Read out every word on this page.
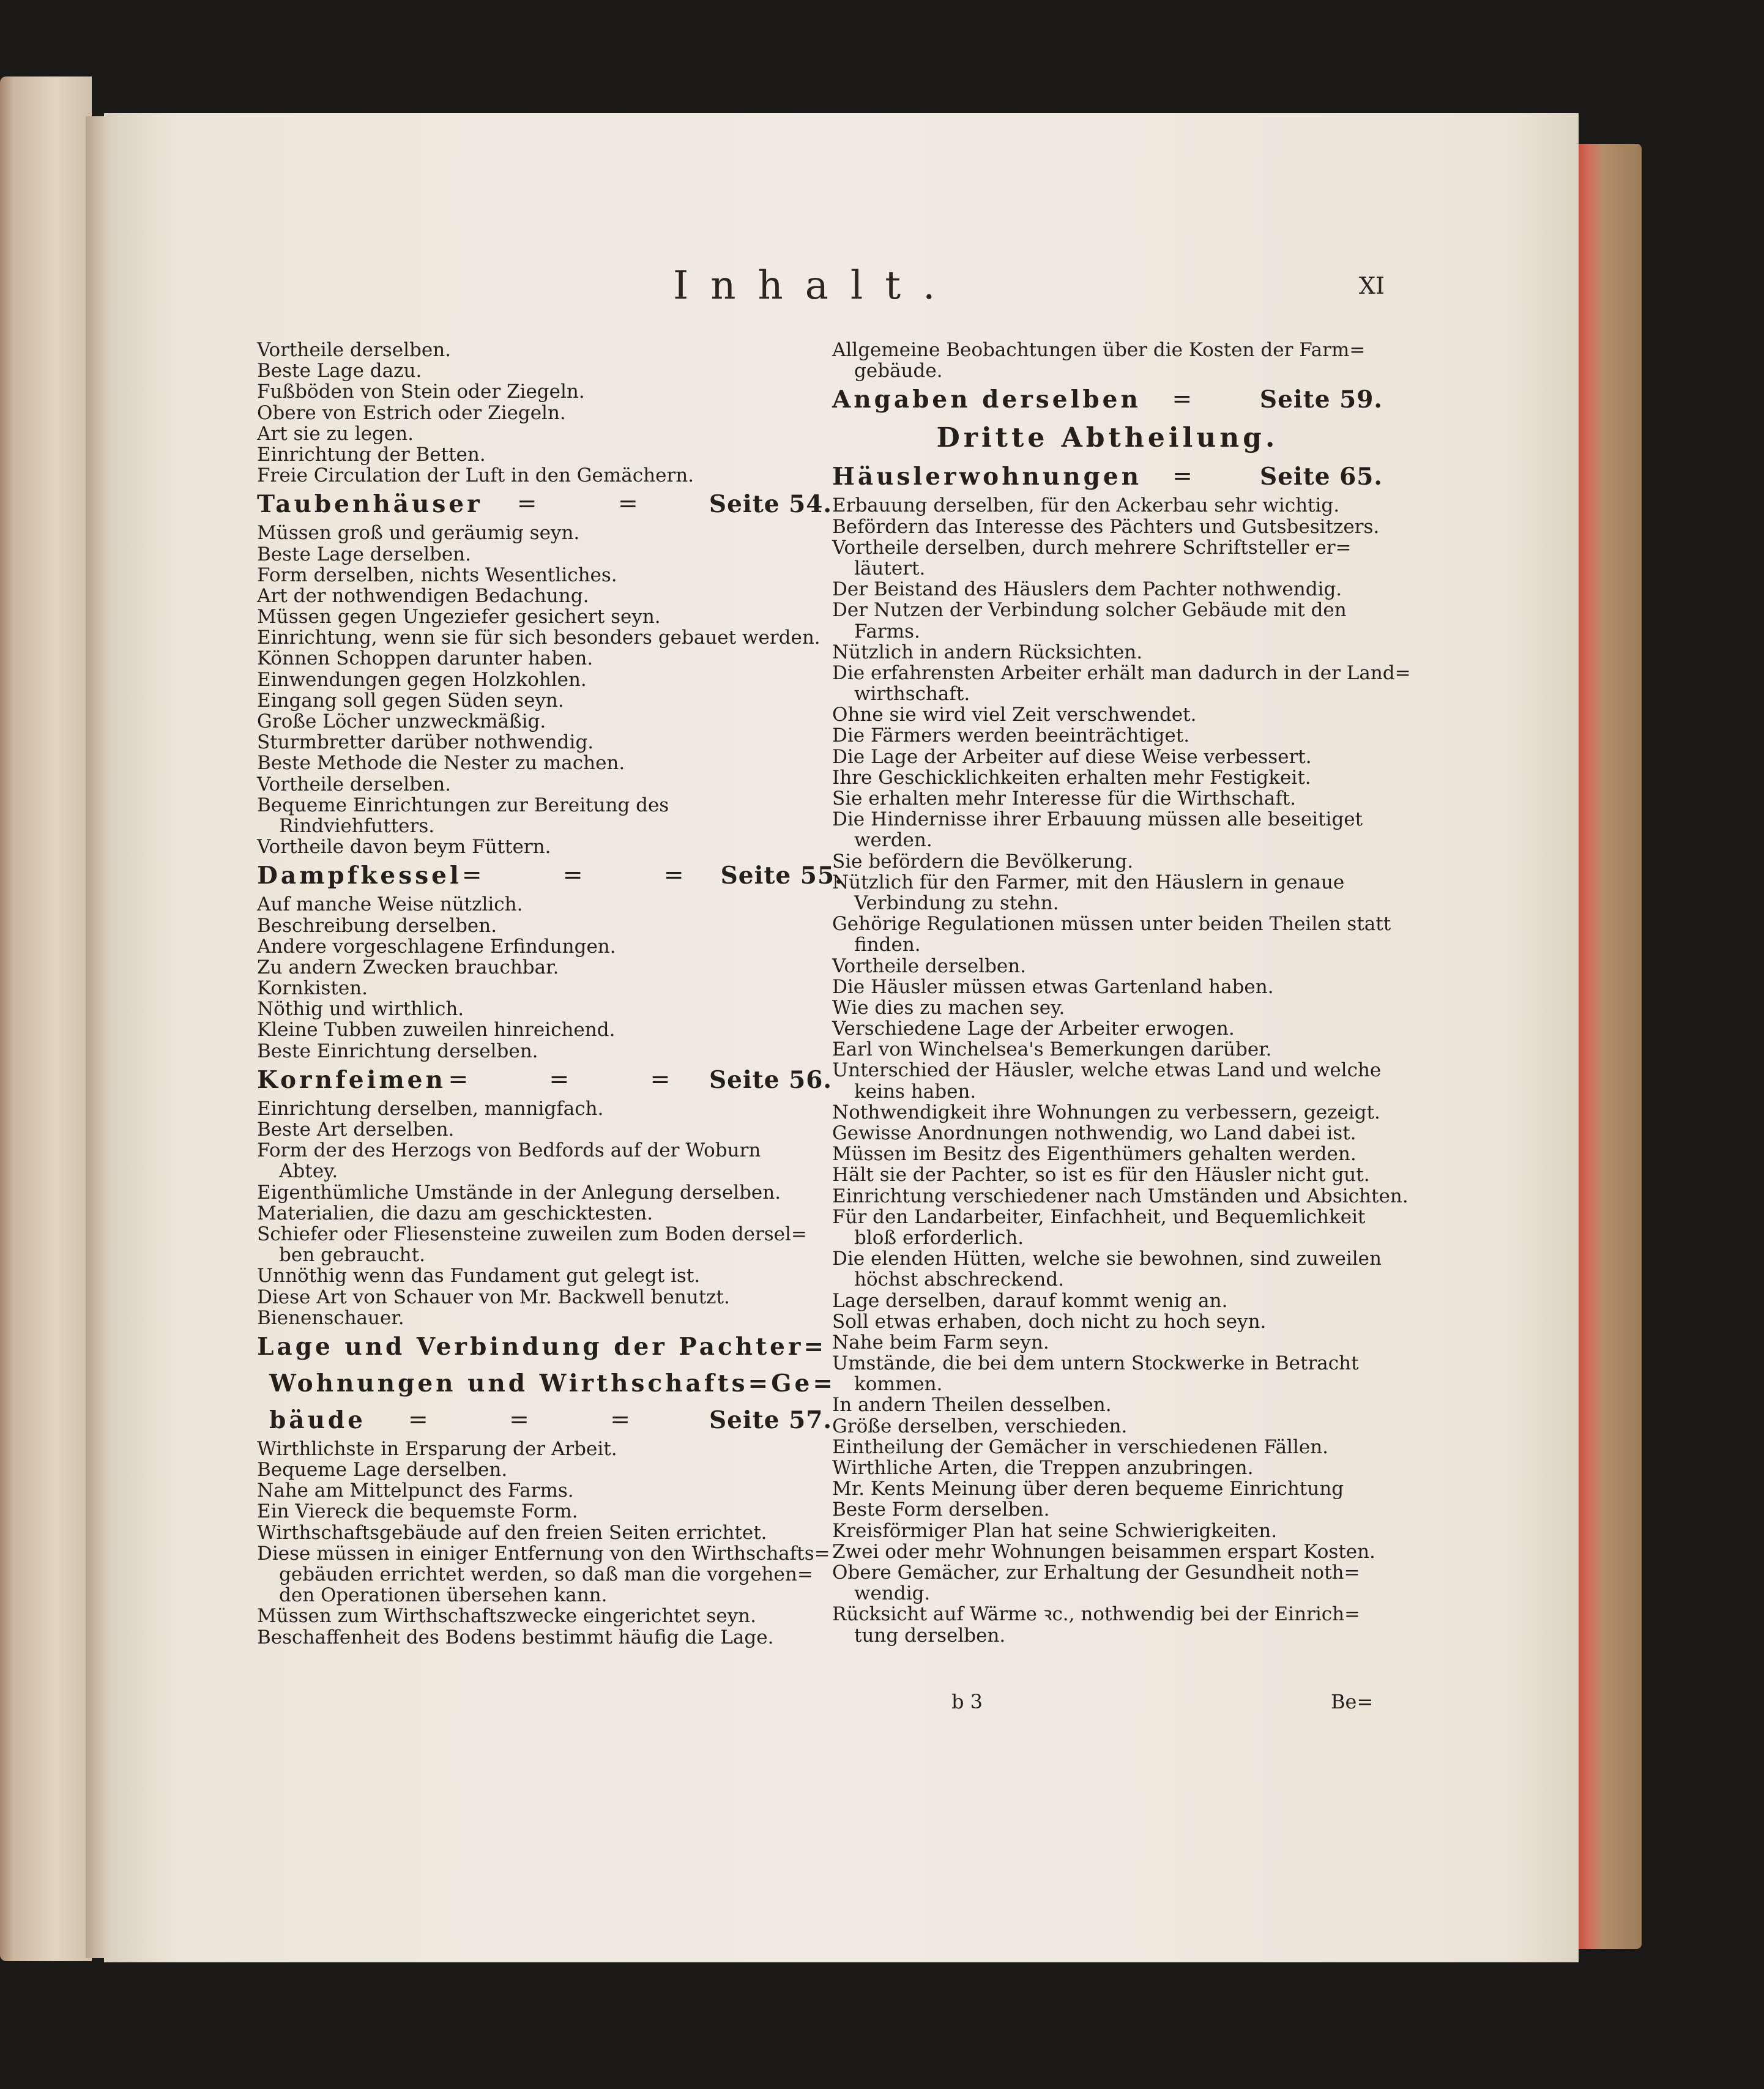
Inhalt.	XI
Vortheile derselben.
Beste Lage dazu.
Fußböden von Stein oder Ziegeln.
Obere von Estrich oder Ziegeln.
Art sie zu legen.
Einrichtung der Betten.
Freie Circulation der Luft in den Gemächern.
Taubenhäuser = = Seite 54.
Müssen groß und geräumig seyn.
Beste Lage derselben.
Form derselben, nichts Wesentliches.
Art der nothwendigen Bedachung.
Müssen gegen Ungeziefer gesichert seyn.
Einrichtung, wenn sie für sich besonders gebauet werden.
Können Schoppen darunter haben.
Einwendungen gegen Holzkohlen.
Eingang soll gegen Süden seyn.
Große Löcher unzweckmäßig.
Sturmbretter darüber nothwendig.
Beste Methode die Nester zu machen.
Vortheile derselben.
Bequeme Einrichtungen zur Bereitung des
Rindviehfutters.
Vortheile davon beym Füttern.
Dampfkessel = = = Seite 55.
Auf manche Weise nützlich.
Beschreibung derselben.
Andere vorgeschlagene Erfindungen.
Zu andern Zwecken brauchbar.
Kornkisten.
Nöthig und wirthlich.
Kleine Tubben zuweilen hinreichend.
Beste Einrichtung derselben.
Kornfeimen = = = Seite 56.
Einrichtung derselben, mannigfach.
Beste Art derselben.
Form der des Herzogs von Bedfords auf der Woburn
Abtey.
Eigenthümliche Umstände in der Anlegung derselben.
Materialien, die dazu am geschicktesten.
Schiefer oder Fliesensteine zuweilen zum Boden dersel=
ben gebraucht.
Unnöthig wenn das Fundament gut gelegt ist.
Diese Art von Schauer von Mr. Backwell benutzt.
Bienenschauer.
Lage und Verbindung der Pachter=
Wohnungen und Wirthschafts=Ge=
bäude = = = Seite 57.
Wirthlichste in Ersparung der Arbeit.
Bequeme Lage derselben.
Nahe am Mittelpunct des Farms.
Ein Viereck die bequemste Form.
Wirthschaftsgebäude auf den freien Seiten errichtet.
Diese müssen in einiger Entfernung von den Wirthschafts=
gebäuden errichtet werden, so daß man die vorgehen=
den Operationen übersehen kann.
Müssen zum Wirthschaftszwecke eingerichtet seyn.
Beschaffenheit des Bodens bestimmt häufig die Lage.
Allgemeine Beobachtungen über die Kosten der Farm=
gebäude.
Angaben derselben = Seite 59.
Dritte Abtheilung.
Häuslerwohnungen = Seite 65.
Erbauung derselben, für den Ackerbau sehr wichtig.
Befördern das Interesse des Pächters und Gutsbesitzers.
Vortheile derselben, durch mehrere Schriftsteller er=
läutert.
Der Beistand des Häuslers dem Pachter nothwendig.
Der Nutzen der Verbindung solcher Gebäude mit den
Farms.
Nützlich in andern Rücksichten.
Die erfahrensten Arbeiter erhält man dadurch in der Land=
wirthschaft.
Ohne sie wird viel Zeit verschwendet.
Die Färmers werden beeinträchtiget.
Die Lage der Arbeiter auf diese Weise verbessert.
Ihre Geschicklichkeiten erhalten mehr Festigkeit.
Sie erhalten mehr Interesse für die Wirthschaft.
Die Hindernisse ihrer Erbauung müssen alle beseitiget
werden.
Sie befördern die Bevölkerung.
Nützlich für den Farmer, mit den Häuslern in genaue
Verbindung zu stehn.
Gehörige Regulationen müssen unter beiden Theilen statt
finden.
Vortheile derselben.
Die Häusler müssen etwas Gartenland haben.
Wie dies zu machen sey.
Verschiedene Lage der Arbeiter erwogen.
Earl von Winchelsea's Bemerkungen darüber.
Unterschied der Häusler, welche etwas Land und welche
keins haben.
Nothwendigkeit ihre Wohnungen zu verbessern, gezeigt.
Gewisse Anordnungen nothwendig, wo Land dabei ist.
Müssen im Besitz des Eigenthümers gehalten werden.
Hält sie der Pachter, so ist es für den Häusler nicht gut.
Einrichtung verschiedener nach Umständen und Absichten.
Für den Landarbeiter, Einfachheit, und Bequemlichkeit
bloß erforderlich.
Die elenden Hütten, welche sie bewohnen, sind zuweilen
höchst abschreckend.
Lage derselben, darauf kommt wenig an.
Soll etwas erhaben, doch nicht zu hoch seyn.
Nahe beim Farm seyn.
Umstände, die bei dem untern Stockwerke in Betracht
kommen.
In andern Theilen desselben.
Größe derselben, verschieden.
Eintheilung der Gemächer in verschiedenen Fällen.
Wirthliche Arten, die Treppen anzubringen.
Mr. Kents Meinung über deren bequeme Einrichtung
Beste Form derselben.
Kreisförmiger Plan hat seine Schwierigkeiten.
Zwei oder mehr Wohnungen beisammen erspart Kosten.
Obere Gemächer, zur Erhaltung der Gesundheit noth=
wendig.
Rücksicht auf Wärme ꝛc., nothwendig bei der Einrich=
tung derselben.
b 3	Be=
